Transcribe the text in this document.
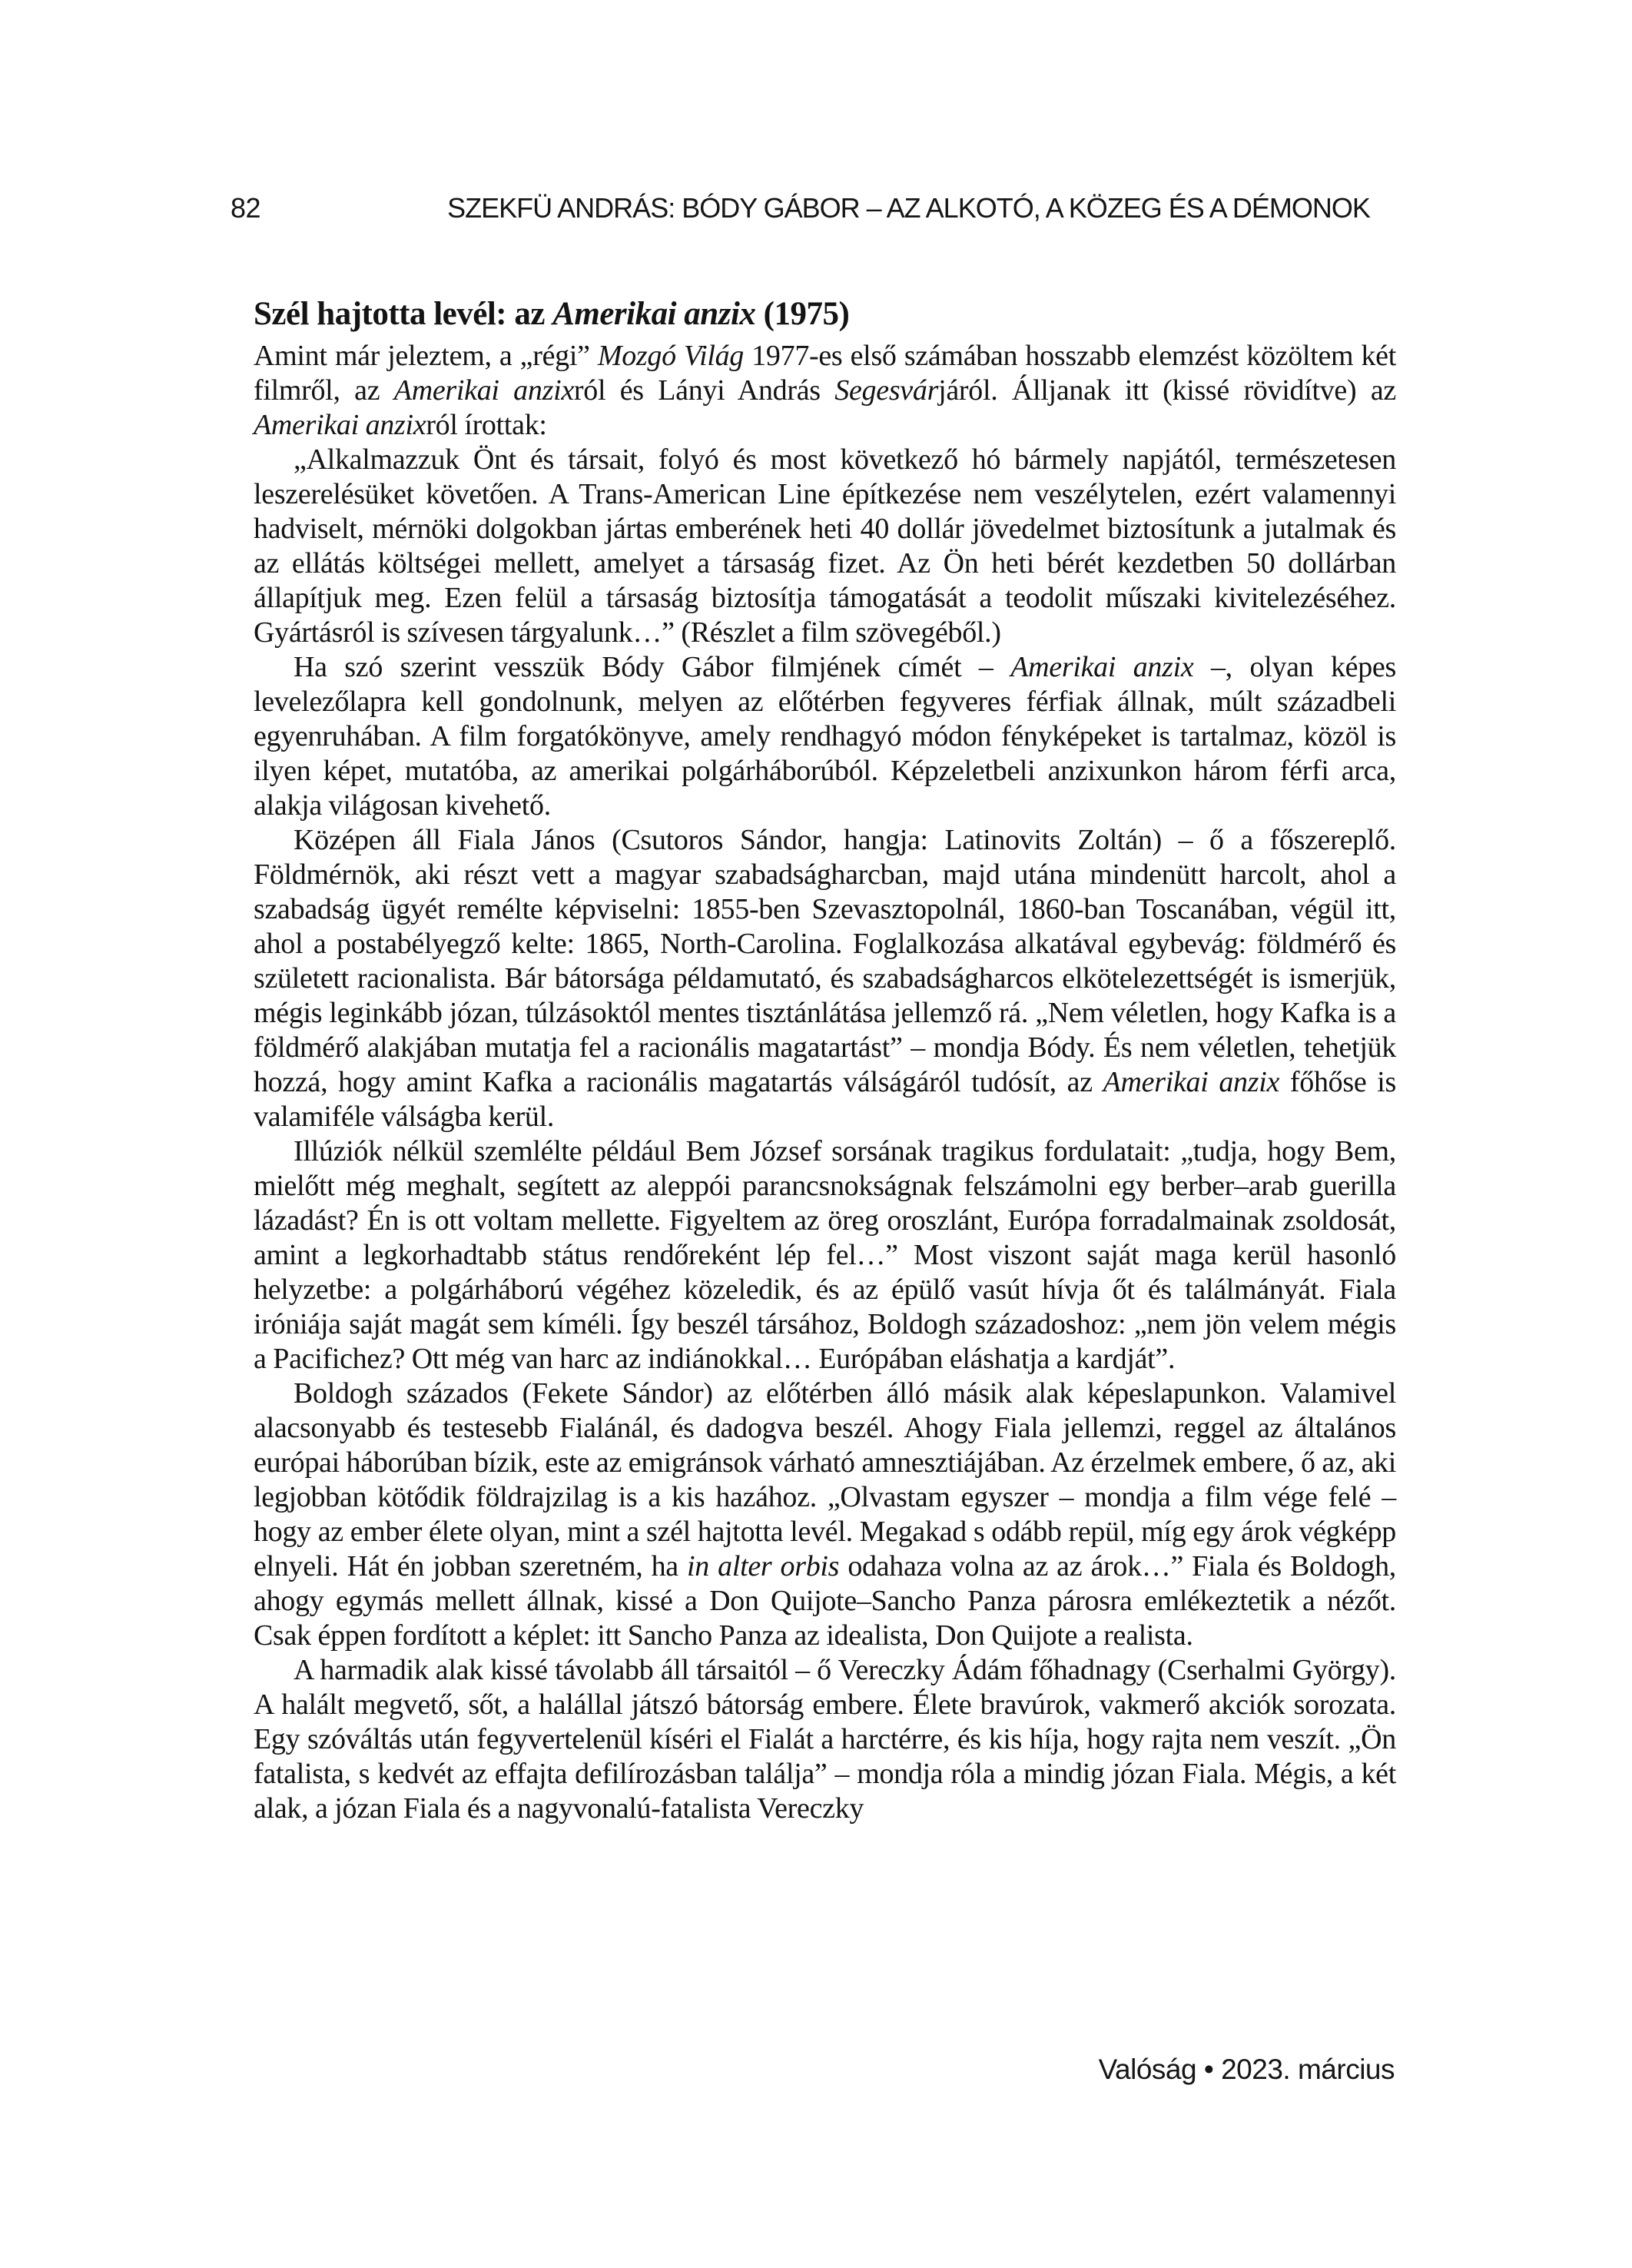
82	SZEKFÜ ANDRÁS: BÓDY GÁBOR – AZ ALKOTÓ, A KÖZEG ÉS A DÉMONOK
Szél hajtotta levél: az Amerikai anzix (1975)

Amint már jeleztem, a „régi” Mozgó Világ 1977-es első számában hosszabb elemzést közöltem két filmről, az Amerikai anzixról és Lányi András Segesvárjáról. Álljanak itt (kissé rövidítve) az Amerikai anzixról írottak:

„Alkalmazzuk Önt és társait, folyó és most következő hó bármely napjától, természetesen leszerelésüket követően. A Trans-American Line építkezése nem veszélytelen, ezért valamennyi hadviselt, mérnöki dolgokban jártas emberének heti 40 dollár jövedelmet biztosítunk a jutalmak és az ellátás költségei mellett, amelyet a társaság fizet. Az Ön heti bérét kezdetben 50 dollárban állapítjuk meg. Ezen felül a társaság biztosítja támogatását a teodolit műszaki kivitelezéséhez. Gyártásról is szívesen tárgyalunk…” (Részlet a film szövegéből.)

Ha szó szerint vesszük Bódy Gábor filmjének címét – Amerikai anzix –, olyan képes levelezőlapra kell gondolnunk, melyen az előtérben fegyveres férfiak állnak, múlt századbeli egyenruhában. A film forgatókönyve, amely rendhagyó módon fényképeket is tartalmaz, közöl is ilyen képet, mutatóba, az amerikai polgárháborúból. Képzeletbeli anzixunkon három férfi arca, alakja világosan kivehető.

Középen áll Fiala János (Csutoros Sándor, hangja: Latinovits Zoltán) – ő a főszereplő. Földmérnök, aki részt vett a magyar szabadságharcban, majd utána mindenütt harcolt, ahol a szabadság ügyét remélte képviselni: 1855-ben Szevasztopolnál, 1860-ban Toscanában, végül itt, ahol a postabélyegző kelte: 1865, North-Carolina. Foglalkozása alkatával egybevág: földmérő és született racionalista. Bár bátorsága példamutató, és szabadságharcos elkötelezettségét is ismerjük, mégis leginkább józan, túlzásoktól mentes tisztánlátása jellemző rá. „Nem véletlen, hogy Kafka is a földmérő alakjában mutatja fel a racionális magatartást” – mondja Bódy. És nem véletlen, tehetjük hozzá, hogy amint Kafka a racionális magatartás válságáról tudósít, az Amerikai anzix főhőse is valamiféle válságba kerül.

Illúziók nélkül szemlélte például Bem József sorsának tragikus fordulatait: „tudja, hogy Bem, mielőtt még meghalt, segített az aleppói parancsnokságnak felszámolni egy berber–arab guerilla lázadást? Én is ott voltam mellette. Figyeltem az öreg oroszlánt, Európa forradalmainak zsoldosát, amint a legkorhadtabb státus rendőreként lép fel…” Most viszont saját maga kerül hasonló helyzetbe: a polgárháború végéhez közeledik, és az épülő vasút hívja őt és találmányát. Fiala iróniája saját magát sem kíméli. Így beszél társához, Boldogh századoshoz: „nem jön velem mégis a Pacifichez? Ott még van harc az indiánokkal… Európában eláshatja a kardját”.

Boldogh százados (Fekete Sándor) az előtérben álló másik alak képeslapunkon. Valamivel alacsonyabb és testesebb Fialánál, és dadogva beszél. Ahogy Fiala jellemzi, reggel az általános európai háborúban bízik, este az emigránsok várható amnesztiájában. Az érzelmek embere, ő az, aki legjobban kötődik földrajzilag is a kis hazához. „Olvastam egyszer – mondja a film vége felé – hogy az ember élete olyan, mint a szél hajtotta levél. Megakad s odább repül, míg egy árok végképp elnyeli. Hát én jobban szeretném, ha in alter orbis odahaza volna az az árok…” Fiala és Boldogh, ahogy egymás mellett állnak, kissé a Don Quijote–Sancho Panza párosra emlékeztetik a nézőt. Csak éppen fordított a képlet: itt Sancho Panza az idealista, Don Quijote a realista.

A harmadik alak kissé távolabb áll társaitól – ő Vereczky Ádám főhadnagy (Cserhalmi György). A halált megvető, sőt, a halállal játszó bátorság embere. Élete bravúrok, vakmerő akciók sorozata. Egy szóváltás után fegyvertelenül kíséri el Fialát a harctérre, és kis híja, hogy rajta nem veszít. „Ön fatalista, s kedvét az effajta defilírozásban találja” – mondja róla a mindig józan Fiala. Mégis, a két alak, a józan Fiala és a nagyvonalú-fatalista Vereczky

Valóság • 2023. március
